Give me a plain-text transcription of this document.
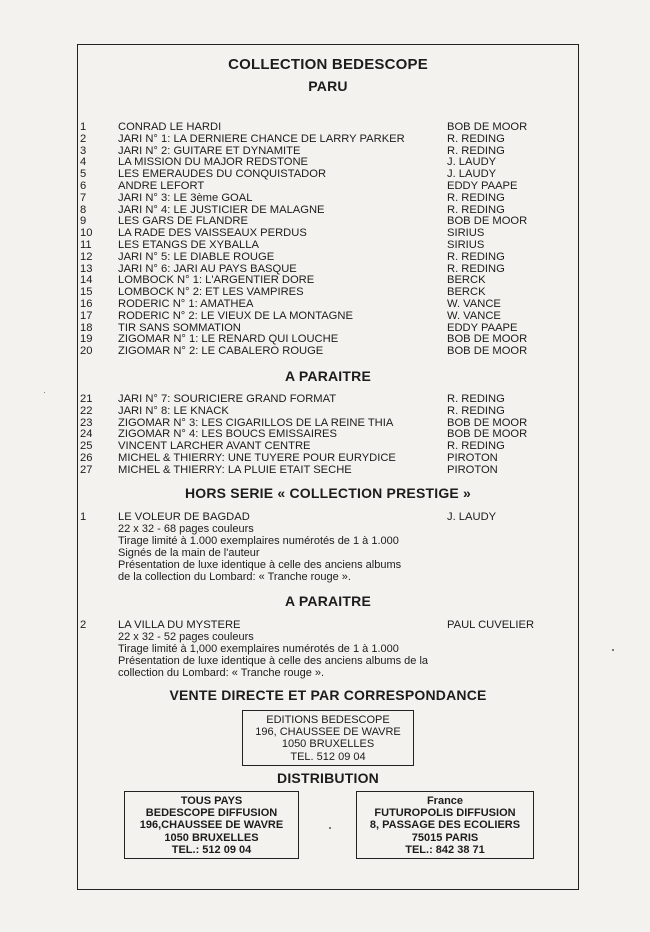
COLLECTION BEDESCOPE
PARU
1	CONRAD LE HARDI	BOB DE MOOR
2	JARI N° 1: LA DERNIERE CHANCE DE LARRY PARKER	R. REDING
3	JARI N° 2: GUITARE ET DYNAMITE	R. REDING
4	LA MISSION DU MAJOR REDSTONE	J. LAUDY
5	LES EMERAUDES DU CONQUISTADOR	J. LAUDY
6	ANDRE LEFORT	EDDY PAAPE
7	JARI N° 3: LE 3ème GOAL	R. REDING
8	JARI N° 4: LE JUSTICIER DE MALAGNE	R. REDING
9	LES GARS DE FLANDRE	BOB DE MOOR
10	LA RADE DES VAISSEAUX PERDUS	SIRIUS
11	LES ETANGS DE XYBALLA	SIRIUS
12	JARI N° 5: LE DIABLE ROUGE	R. REDING
13	JARI N° 6: JARI AU PAYS BASQUE	R. REDING
14	LOMBOCK N° 1: L'ARGENTIER DORE	BERCK
15	LOMBOCK N° 2: ET LES VAMPIRES	BERCK
16	RODERIC N° 1: AMATHEA	W. VANCE
17	RODERIC N° 2: LE VIEUX DE LA MONTAGNE	W. VANCE
18	TIR SANS SOMMATION	EDDY PAAPE
19	ZIGOMAR N° 1: LE RENARD QUI LOUCHE	BOB DE MOOR
20	ZIGOMAR N° 2: LE CABALERO ROUGE	BOB DE MOOR
A PARAITRE
21	JARI N° 7: SOURICIERE GRAND FORMAT	R. REDING
22	JARI N° 8: LE KNACK	R. REDING
23	ZIGOMAR N° 3: LES CIGARILLOS DE LA REINE THIA	BOB DE MOOR
24	ZIGOMAR N° 4: LES BOUCS EMISSAIRES	BOB DE MOOR
25	VINCENT LARCHER AVANT CENTRE	R. REDING
26	MICHEL & THIERRY: UNE TUYERE POUR EURYDICE	PIROTON
27	MICHEL & THIERRY: LA PLUIE ETAIT SECHE	PIROTON
HORS SERIE « COLLECTION PRESTIGE »
1	LE VOLEUR DE BAGDAD	J. LAUDY
22 x 32 - 68 pages couleurs
Tirage limité à 1.000 exemplaires numérotés de 1 à 1.000
Signés de la main de l'auteur
Présentation de luxe identique à celle des anciens albums
de la collection du Lombard: « Tranche rouge ».
A PARAITRE
2	LA VILLA DU MYSTERE	PAUL CUVELIER
22 x 32 - 52 pages couleurs
Tirage limité à 1,000 exemplaires numérotés de 1 à 1.000
Présentation de luxe identique à celle des anciens albums de la
collection du Lombard: « Tranche rouge ».
VENTE DIRECTE ET PAR CORRESPONDANCE
EDITIONS BEDESCOPE
196, CHAUSSEE DE WAVRE
1050 BRUXELLES
TEL. 512 09 04
DISTRIBUTION
TOUS PAYS
BEDESCOPE DIFFUSION
196,CHAUSSEE DE WAVRE
1050 BRUXELLES
TEL.: 512 09 04
France
FUTUROPOLIS DIFFUSION
8, PASSAGE DES ECOLIERS
75015 PARIS
TEL.: 842 38 71
